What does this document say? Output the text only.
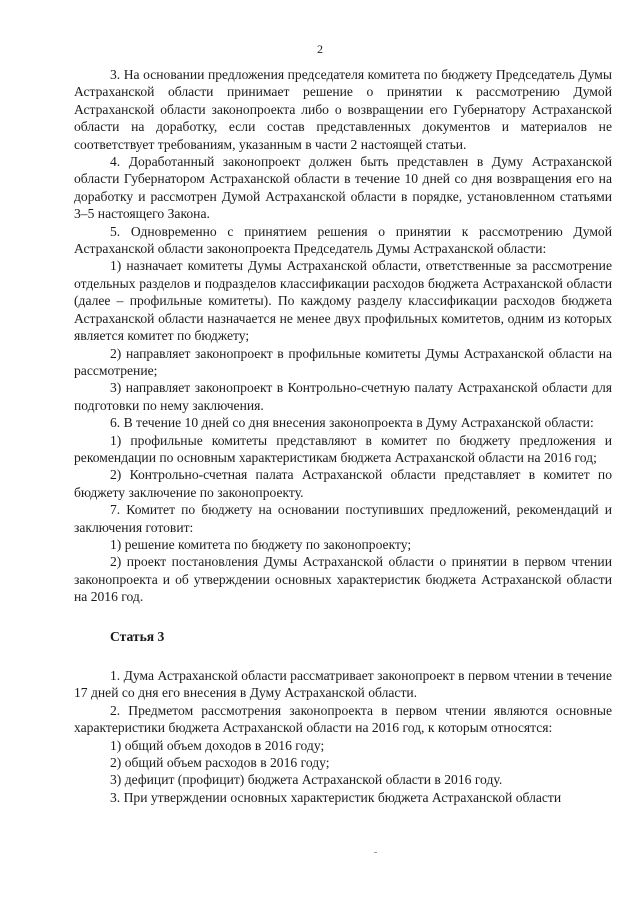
2

3. На основании предложения председателя комитета по бюджету Председатель Думы Астраханской области принимает решение о принятии к рассмотрению Думой Астраханской области законопроекта либо о возвращении его Губернатору Астраханской области на доработку, если состав представленных документов и материалов не соответствует требованиям, указанным в части 2 настоящей статьи.

4. Доработанный законопроект должен быть представлен в Думу Астраханской области Губернатором Астраханской области в течение 10 дней со дня возвращения его на доработку и рассмотрен Думой Астраханской области в порядке, установленном статьями 3–5 настоящего Закона.

5. Одновременно с принятием решения о принятии к рассмотрению Думой Астраханской области законопроекта Председатель Думы Астраханской области:

1) назначает комитеты Думы Астраханской области, ответственные за рассмотрение отдельных разделов и подразделов классификации расходов бюджета Астраханской области (далее – профильные комитеты). По каждому разделу классификации расходов бюджета Астраханской области назначается не менее двух профильных комитетов, одним из которых является комитет по бюджету;

2) направляет законопроект в профильные комитеты Думы Астраханской области на рассмотрение;

3) направляет законопроект в Контрольно-счетную палату Астраханской области для подготовки по нему заключения.

6. В течение 10 дней со дня внесения законопроекта в Думу Астраханской области:

1) профильные комитеты представляют в комитет по бюджету предложения и рекомендации по основным характеристикам бюджета Астраханской области на 2016 год;

2) Контрольно-счетная палата Астраханской области представляет в комитет по бюджету заключение по законопроекту.

7. Комитет по бюджету на основании поступивших предложений, рекомендаций и заключения готовит:

1) решение комитета по бюджету по законопроекту;

2) проект постановления Думы Астраханской области о принятии в первом чтении законопроекта и об утверждении основных характеристик бюджета Астраханской области на 2016 год.

Статья 3

1. Дума Астраханской области рассматривает законопроект в первом чтении в течение 17 дней со дня его внесения в Думу Астраханской области.

2. Предметом рассмотрения законопроекта в первом чтении являются основные характеристики бюджета Астраханской области на 2016 год, к которым относятся:

1) общий объем доходов в 2016 году;

2) общий объем расходов в 2016 году;

3) дефицит (профицит) бюджета Астраханской области в 2016 году.

3. При утверждении основных характеристик бюджета Астраханской области
